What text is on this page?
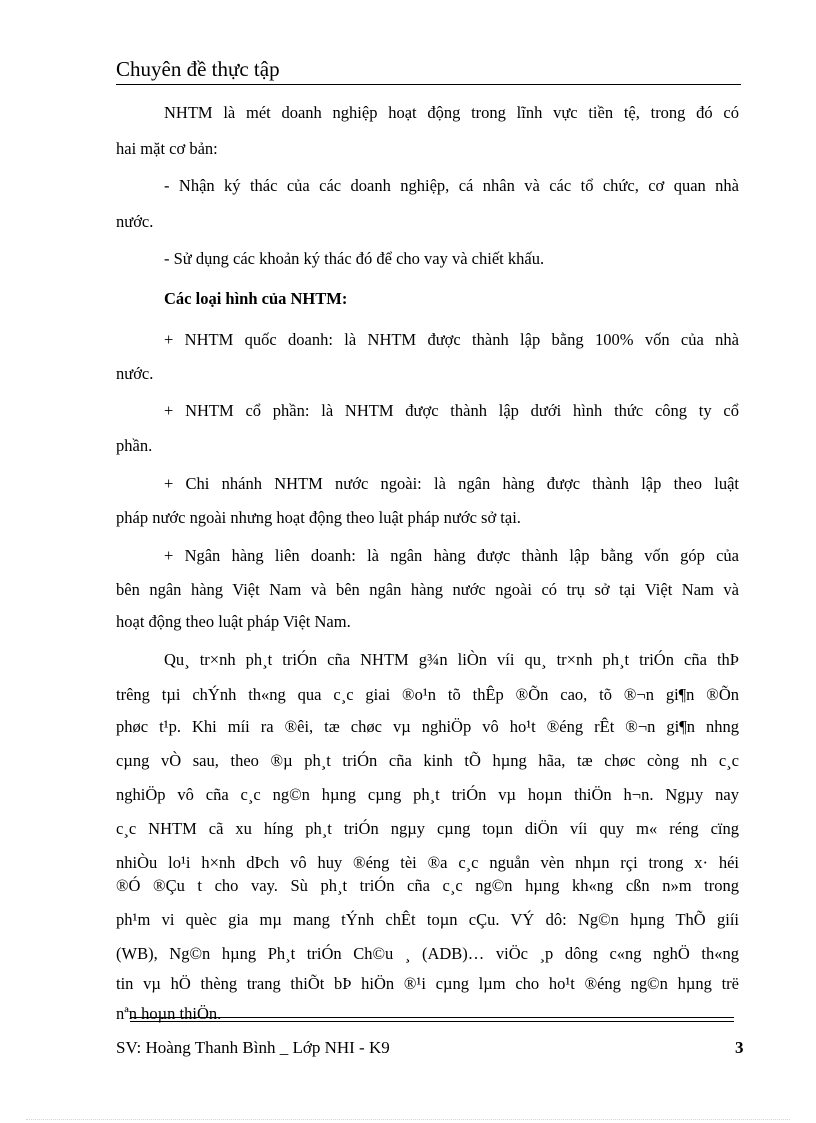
Chuyên đề thực tập
NHTM là mét doanh nghiệp hoạt động trong lĩnh vực tiền tệ, trong đó có
hai mặt cơ bản:
- Nhận ký thác của các doanh nghiệp, cá nhân và các tổ chức, cơ quan nhà
nước.
- Sử dụng các khoản ký thác đó để cho vay và chiết khấu.
Các loại hình của NHTM:
+ NHTM quốc doanh: là NHTM được thành lập bằng 100% vốn của nhà
nước.
+ NHTM cổ phần: là NHTM được thành lập dưới hình thức công ty cổ
phần.
+ Chi nhánh NHTM nước ngoài: là ngân hàng được thành lập theo luật
pháp nước ngoài nhưng hoạt động theo luật pháp nước sở tại.
+ Ngân hàng liên doanh: là ngân hàng được thành lập bằng vốn góp của
bên ngân hàng Việt Nam và bên ngân hàng nước ngoài có trụ sở tại Việt Nam và
hoạt động theo luật pháp Việt Nam.
Qu¸ tr×nh ph¸t triÓn cña NHTM g¾n liÒn víi qu¸ tr×nh ph¸t triÓn cña thÞ
trêng tµi chÝnh th«ng qua c¸c giai ®o¹n tõ thÊp ®Õn cao, tõ ®¬n gi¶n ®Õn
phøc t¹p. Khi míi ra ®êi, tæ chøc vµ nghiÖp vô ho¹t ®éng rÊt ®¬n gi¶n nhng
cµng vÒ sau, theo ®µ ph¸t triÓn cña kinh tÕ hµng hãa, tæ chøc còng nh c¸c
nghiÖp vô cña c¸c ng©n hµng cµng ph¸t triÓn vµ hoµn thiÖn h¬n. Ngµy nay
c¸c NHTM cã xu híng ph¸t triÓn ngµy cµng toµn diÖn víi quy m« réng cïng
nhiÒu lo¹i h×nh dÞch vô huy ®éng tèi ®a c¸c nguån vèn nhµn rçi trong x· héi
®Ó ®Çu t cho vay. Sù ph¸t triÓn cña c¸c ng©n hµng kh«ng cßn n»m trong
ph¹m vi quèc gia mµ mang tÝnh chÊt toµn cÇu. VÝ dô: Ng©n hµng ThÕ giíi
(WB), Ng©n hµng Ph¸t triÓn Ch©u ¸ (ADB)… viÖc ¸p dông c«ng nghÖ th«ng
tin vµ hÖ thèng trang thiÕt bÞ hiÖn ®¹i cµng lµm cho ho¹t ®éng ng©n hµng trë
nªn hoµn thiÖn.
SV: Hoàng Thanh Bình _ Lớp NHI - K9	3
